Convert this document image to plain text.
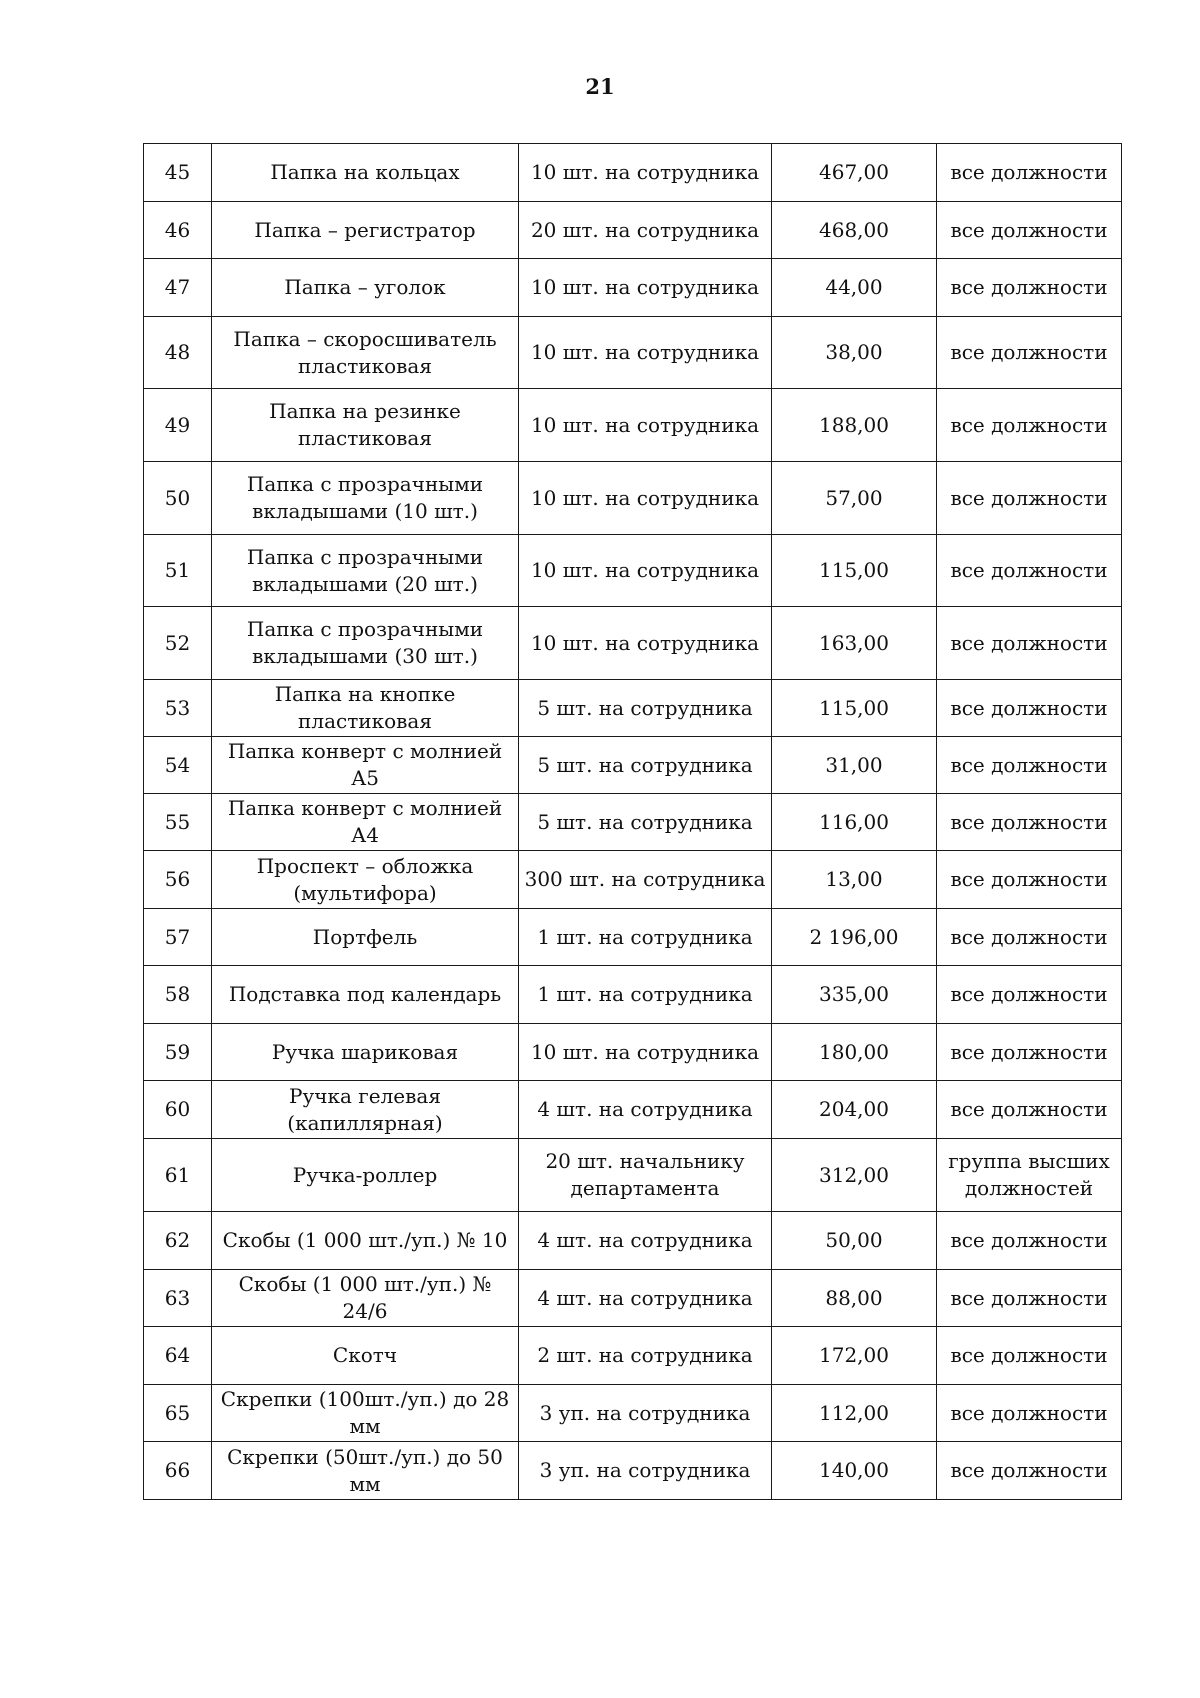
21
45	Папка на кольцах	10 шт. на сотрудника	467,00	все должности
46	Папка – регистратор	20 шт. на сотрудника	468,00	все должности
47	Папка – уголок	10 шт. на сотрудника	44,00	все должности
48	Папка – скоросшиватель пластиковая	10 шт. на сотрудника	38,00	все должности
49	Папка на резинке пластиковая	10 шт. на сотрудника	188,00	все должности
50	Папка с прозрачными вкладышами (10 шт.)	10 шт. на сотрудника	57,00	все должности
51	Папка с прозрачными вкладышами (20 шт.)	10 шт. на сотрудника	115,00	все должности
52	Папка с прозрачными вкладышами (30 шт.)	10 шт. на сотрудника	163,00	все должности
53	Папка на кнопке пластиковая	5 шт. на сотрудника	115,00	все должности
54	Папка конверт с молнией А5	5 шт. на сотрудника	31,00	все должности
55	Папка конверт с молнией А4	5 шт. на сотрудника	116,00	все должности
56	Проспект – обложка (мультифора)	300 шт. на сотрудника	13,00	все должности
57	Портфель	1 шт. на сотрудника	2 196,00	все должности
58	Подставка под календарь	1 шт. на сотрудника	335,00	все должности
59	Ручка шариковая	10 шт. на сотрудника	180,00	все должности
60	Ручка гелевая (капиллярная)	4 шт. на сотрудника	204,00	все должности
61	Ручка-роллер	20 шт. начальнику департамента	312,00	группа высших должностей
62	Скобы (1 000 шт./уп.) № 10	4 шт. на сотрудника	50,00	все должности
63	Скобы (1 000 шт./уп.) № 24/6	4 шт. на сотрудника	88,00	все должности
64	Скотч	2 шт. на сотрудника	172,00	все должности
65	Скрепки (100шт./уп.) до 28 мм	3 уп. на сотрудника	112,00	все должности
66	Скрепки (50шт./уп.) до 50 мм	3 уп. на сотрудника	140,00	все должности
